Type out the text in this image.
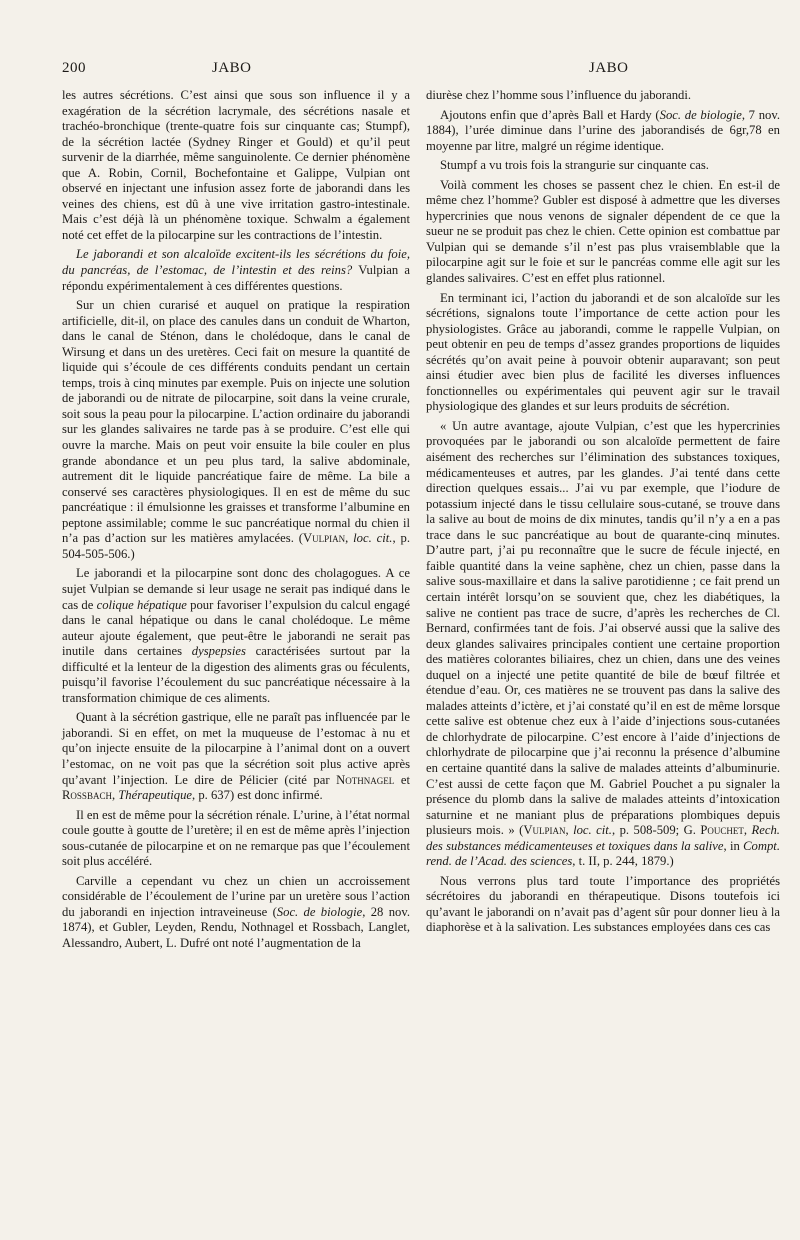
200	JABO	JABO

les autres sécrétions. C’est ainsi que sous son influence il y a exagération de la sécrétion lacrymale, des sécrétions nasale et trachéo-bronchique (trente-quatre fois sur cinquante cas; Stumpf), de la sécrétion lactée (Sydney Ringer et Gould) et qu’il peut survenir de la diarrhée, même sanguinolente. Ce dernier phénomène que A. Robin, Cornil, Bochefontaine et Galippe, Vulpian ont observé en injectant une infusion assez forte de jaborandi dans les veines des chiens, est dû à une vive irritation gastro-intestinale. Mais c’est déjà là un phénomène toxique. Schwalm a également noté cet effet de la pilocarpine sur les contractions de l’intestin.

Le jaborandi et son alcaloïde excitent-ils les sécrétions du foie, du pancréas, de l’estomac, de l’intestin et des reins? Vulpian a répondu expérimentalement à ces différentes questions.

Sur un chien curarisé et auquel on pratique la respiration artificielle, dit-il, on place des canules dans un conduit de Wharton, dans le canal de Sténon, dans le cholédoque, dans le canal de Wirsung et dans un des uretères. Ceci fait on mesure la quantité de liquide qui s’écoule de ces différents conduits pendant un certain temps, trois à cinq minutes par exemple. Puis on injecte une solution de jaborandi ou de nitrate de pilocarpine, soit dans la veine crurale, soit sous la peau pour la pilocarpine. L’action ordinaire du jaborandi sur les glandes salivaires ne tarde pas à se produire. C’est elle qui ouvre la marche. Mais on peut voir ensuite la bile couler en plus grande abondance et un peu plus tard, la salive abdominale, autrement dit le liquide pancréatique faire de même. La bile a conservé ses caractères physiologiques. Il en est de même du suc pancréatique : il émulsionne les graisses et transforme l’albumine en peptone assimilable; comme le suc pancréatique normal du chien il n’a pas d’action sur les matières amylacées. (Vulpian, loc. cit., p. 504-505-506.)

Le jaborandi et la pilocarpine sont donc des cholagogues. A ce sujet Vulpian se demande si leur usage ne serait pas indiqué dans le cas de colique hépatique pour favoriser l’expulsion du calcul engagé dans le canal hépatique ou dans le canal cholédoque. Le même auteur ajoute également, que peut-être le jaborandi ne serait pas inutile dans certaines dyspepsies caractérisées surtout par la difficulté et la lenteur de la digestion des aliments gras ou féculents, puisqu’il favorise l’écoulement du suc pancréatique nécessaire à la transformation chimique de ces aliments.

Quant à la sécrétion gastrique, elle ne paraît pas influencée par le jaborandi. Si en effet, on met la muqueuse de l’estomac à nu et qu’on injecte ensuite de la pilocarpine à l’animal dont on a ouvert l’estomac, on ne voit pas que la sécrétion soit plus active après qu’avant l’injection. Le dire de Pélicier (cité par Nothnagel et Rossbach, Thérapeutique, p. 637) est donc infirmé.

Il en est de même pour la sécrétion rénale. L’urine, à l’état normal coule goutte à goutte de l’uretère; il en est de même après l’injection sous-cutanée de pilocarpine et on ne remarque pas que l’écoulement soit plus accéléré.

Carville a cependant vu chez un chien un accroissement considérable de l’écoulement de l’urine par un uretère sous l’action du jaborandi en injection intraveineuse (Soc. de biologie, 28 nov. 1874), et Gubler, Leyden, Rendu, Nothnagel et Rossbach, Langlet, Alessandro, Aubert, L. Dufré ont noté l’augmentation de la

diurèse chez l’homme sous l’influence du jaborandi.

Ajoutons enfin que d’après Ball et Hardy (Soc. de biologie, 7 nov. 1884), l’urée diminue dans l’urine des jaborandisés de 6gr,78 en moyenne par litre, malgré un régime identique.

Stumpf a vu trois fois la strangurie sur cinquante cas.

Voilà comment les choses se passent chez le chien. En est-il de même chez l’homme? Gubler est disposé à admettre que les diverses hypercrinies que nous venons de signaler dépendent de ce que la sueur ne se produit pas chez le chien. Cette opinion est combattue par Vulpian qui se demande s’il n’est pas plus vraisemblable que la pilocarpine agit sur le foie et sur le pancréas comme elle agit sur les glandes salivaires. C’est en effet plus rationnel.

En terminant ici, l’action du jaborandi et de son alcaloïde sur les sécrétions, signalons toute l’importance de cette action pour les physiologistes. Grâce au jaborandi, comme le rappelle Vulpian, on peut obtenir en peu de temps d’assez grandes proportions de liquides sécrétés qu’on avait peine à pouvoir obtenir auparavant; son peut ainsi étudier avec bien plus de facilité les diverses influences fonctionnelles ou expérimentales qui peuvent agir sur le travail physiologique des glandes et sur leurs produits de sécrétion.

« Un autre avantage, ajoute Vulpian, c’est que les hypercrinies provoquées par le jaborandi ou son alcaloïde permettent de faire aisément des recherches sur l’élimination des substances toxiques, médicamenteuses et autres, par les glandes. J’ai tenté dans cette direction quelques essais... J’ai vu par exemple, que l’iodure de potassium injecté dans le tissu cellulaire sous-cutané, se trouve dans la salive au bout de moins de dix minutes, tandis qu’il n’y a en a pas trace dans le suc pancréatique au bout de quarante-cinq minutes. D’autre part, j’ai pu reconnaître que le sucre de fécule injecté, en faible quantité dans la veine saphène, chez un chien, passe dans la salive sous-maxillaire et dans la salive parotidienne ; ce fait prend un certain intérêt lorsqu’on se souvient que, chez les diabétiques, la salive ne contient pas trace de sucre, d’après les recherches de Cl. Bernard, confirmées tant de fois. J’ai observé aussi que la salive des deux glandes salivaires principales contient une certaine proportion des matières colorantes biliaires, chez un chien, dans une des veines duquel on a injecté une petite quantité de bile de bœuf filtrée et étendue d’eau. Or, ces matières ne se trouvent pas dans la salive des malades atteints d’ictère, et j’ai constaté qu’il en est de même lorsque cette salive est obtenue chez eux à l’aide d’injections sous-cutanées de chlorhydrate de pilocarpine. C’est encore à l’aide d’injections de chlorhydrate de pilocarpine que j’ai reconnu la présence d’albumine en certaine quantité dans la salive de malades atteints d’albuminurie. C’est aussi de cette façon que M. Gabriel Pouchet a pu signaler la présence du plomb dans la salive de malades atteints d’intoxication saturnine et ne maniant plus de préparations plombiques depuis plusieurs mois. » (Vulpian, loc. cit., p. 508-509; G. Pouchet, Rech. des substances médicamenteuses et toxiques dans la salive, in Compt. rend. de l’Acad. des sciences, t. II, p. 244, 1879.)

Nous verrons plus tard toute l’importance des propriétés sécrétoires du jaborandi en thérapeutique. Disons toutefois ici qu’avant le jaborandi on n’avait pas d’agent sûr pour donner lieu à la diaphorèse et à la salivation. Les substances employées dans ces cas
